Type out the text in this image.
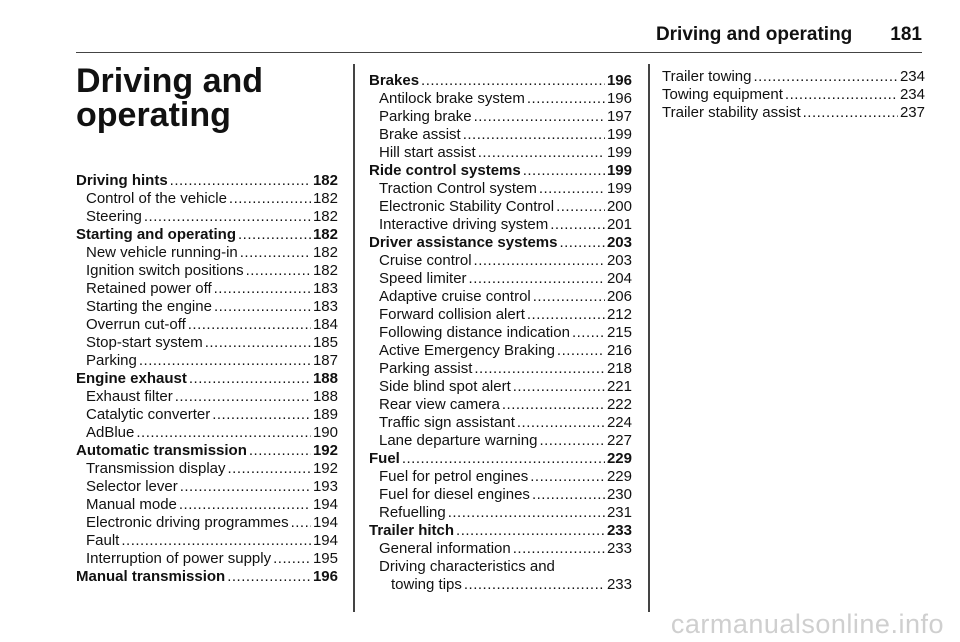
Driving and operating 181
Driving and
operating
Driving hints .....	182
Control of the vehicle .....	182
Steering .....	182
Starting and operating .....	182
New vehicle running-in .....	182
Ignition switch positions .....	182
Retained power off .....	183
Starting the engine .....	183
Overrun cut-off .....	184
Stop-start system .....	185
Parking .....	187
Engine exhaust .....	188
Exhaust filter .....	188
Catalytic converter .....	189
AdBlue .....	190
Automatic transmission .....	192
Transmission display .....	192
Selector lever .....	193
Manual mode .....	194
Electronic driving programmes ..... 194
Fault .....	194
Interruption of power supply .....	195
Manual transmission .....	196
Brakes .....	196
Antilock brake system .....	196
Parking brake .....	197
Brake assist .....	199
Hill start assist .....	199
Ride control systems .....	199
Traction Control system .....	199
Electronic Stability Control .....	200
Interactive driving system .....	201
Driver assistance systems .....	203
Cruise control .....	203
Speed limiter .....	204
Adaptive cruise control .....	206
Forward collision alert .....	212
Following distance indication ..... 215
Active Emergency Braking .....	216
Parking assist .....	218
Side blind spot alert .....	221
Rear view camera .....	222
Traffic sign assistant .....	224
Lane departure warning .....	227
Fuel .....	229
Fuel for petrol engines .....	229
Fuel for diesel engines .....	230
Refuelling .....	231
Trailer hitch .....	233
General information .....	233
Driving characteristics and
towing tips .....	233
Trailer towing .....	234
Towing equipment .....	234
Trailer stability assist .....	237
carmanualsonline.info
